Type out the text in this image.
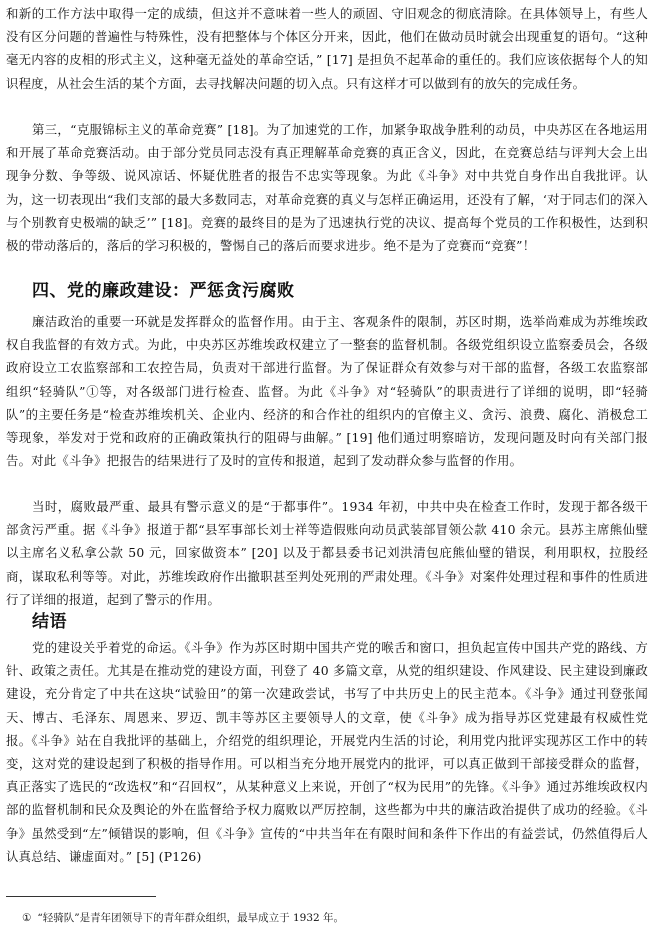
和新的工作方法中取得一定的成绩，但这并不意味着一些人的顽固、守旧观念的彻底清除。在具体领导上，有些人没有区分问题的普遍性与特殊性，没有把整体与个体区分开来，因此，他们在做动员时就会出现重复的语句。“这种毫无内容的皮相的形式主义，这种毫无益处的革命空话，” [17] 是担负不起革命的重任的。我们应该依据每个人的知识程度，从社会生活的某个方面，去寻找解决问题的切入点。只有这样才可以做到有的放矢的完成任务。

第三，“克服锦标主义的革命竞赛” [18]。为了加速党的工作，加紧争取战争胜利的动员，中央苏区在各地运用和开展了革命竞赛活动。由于部分党员同志没有真正理解革命竞赛的真正含义，因此，在竞赛总结与评判大会上出现争分数、争等级、说风凉话、怀疑优胜者的报告不忠实等现象。为此《斗争》对中共党自身作出自我批评。认为，这一切表现出“我们支部的最大多数同志，对革命竞赛的真义与怎样正确运用，还没有了解，‘对于同志们的深入与个别教育史极端的缺乏’” [18]。竞赛的最终目的是为了迅速执行党的决议、提高每个党员的工作积极性，达到积极的带动落后的，落后的学习积极的，警惕自己的落后而要求进步。绝不是为了竞赛而“竞赛”！

四、党的廉政建设：严惩贪污腐败

廉洁政治的重要一环就是发挥群众的监督作用。由于主、客观条件的限制，苏区时期，选举尚难成为苏维埃政权自我监督的有效方式。为此，中央苏区苏维埃政权建立了一整套的监督机制。各级党组织设立监察委员会，各级政府设立工农监察部和工农控告局，负责对干部进行监督。为了保证群众有效参与对干部的监督，各级工农监察部组织“轻骑队”①等，对各级部门进行检查、监督。为此《斗争》对“轻骑队”的职责进行了详细的说明，即“轻骑队”的主要任务是“检查苏维埃机关、企业内、经济的和合作社的组织内的官僚主义、贪污、浪费、腐化、消极怠工等现象，举发对于党和政府的正确政策执行的阻碍与曲解。” [19] 他们通过明察暗访，发现问题及时向有关部门报告。对此《斗争》把报告的结果进行了及时的宣传和报道，起到了发动群众参与监督的作用。

当时，腐败最严重、最具有警示意义的是“于都事件”。1934 年初，中共中央在检查工作时，发现于都各级干部贪污严重。据《斗争》报道于都“县军事部长刘士祥等造假账向动员武装部冒领公款 410 余元。县苏主席熊仙璧以主席名义私拿公款 50 元，回家做资本” [20] 以及于都县委书记刘洪清包庇熊仙璧的错误，利用职权，拉股经商，谋取私利等等。对此，苏维埃政府作出撤职甚至判处死刑的严肃处理。《斗争》对案件处理过程和事件的性质进行了详细的报道，起到了警示的作用。

结语

党的建设关乎着党的命运。《斗争》作为苏区时期中国共产党的喉舌和窗口，担负起宣传中国共产党的路线、方针、政策之责任。尤其是在推动党的建设方面，刊登了 40 多篇文章，从党的组织建设、作风建设、民主建设到廉政建设，充分肯定了中共在这块“试验田”的第一次建政尝试，书写了中共历史上的民主范本。《斗争》通过刊登张闻天、博古、毛泽东、周恩来、罗迈、凯丰等苏区主要领导人的文章，使《斗争》成为指导苏区党建最有权威性党报。《斗争》站在自我批评的基础上，介绍党的组织理论，开展党内生活的讨论，利用党内批评实现苏区工作中的转变，这对党的建设起到了积极的指导作用。可以相当充分地开展党内的批评，可以真正做到干部接受群众的监督，真正落实了选民的“改选权”和“召回权”，从某种意义上来说，开创了“权为民用”的先锋。《斗争》通过苏维埃政权内部的监督机制和民众及舆论的外在监督给予权力腐败以严厉控制，这些都为中共的廉洁政治提供了成功的经验。《斗争》虽然受到“左”倾错误的影响，但《斗争》宣传的“中共当年在有限时间和条件下作出的有益尝试，仍然值得后人认真总结、谦虚面对。” [5] (P126)

① “轻骑队”是青年团领导下的青年群众组织，最早成立于 1932 年。
